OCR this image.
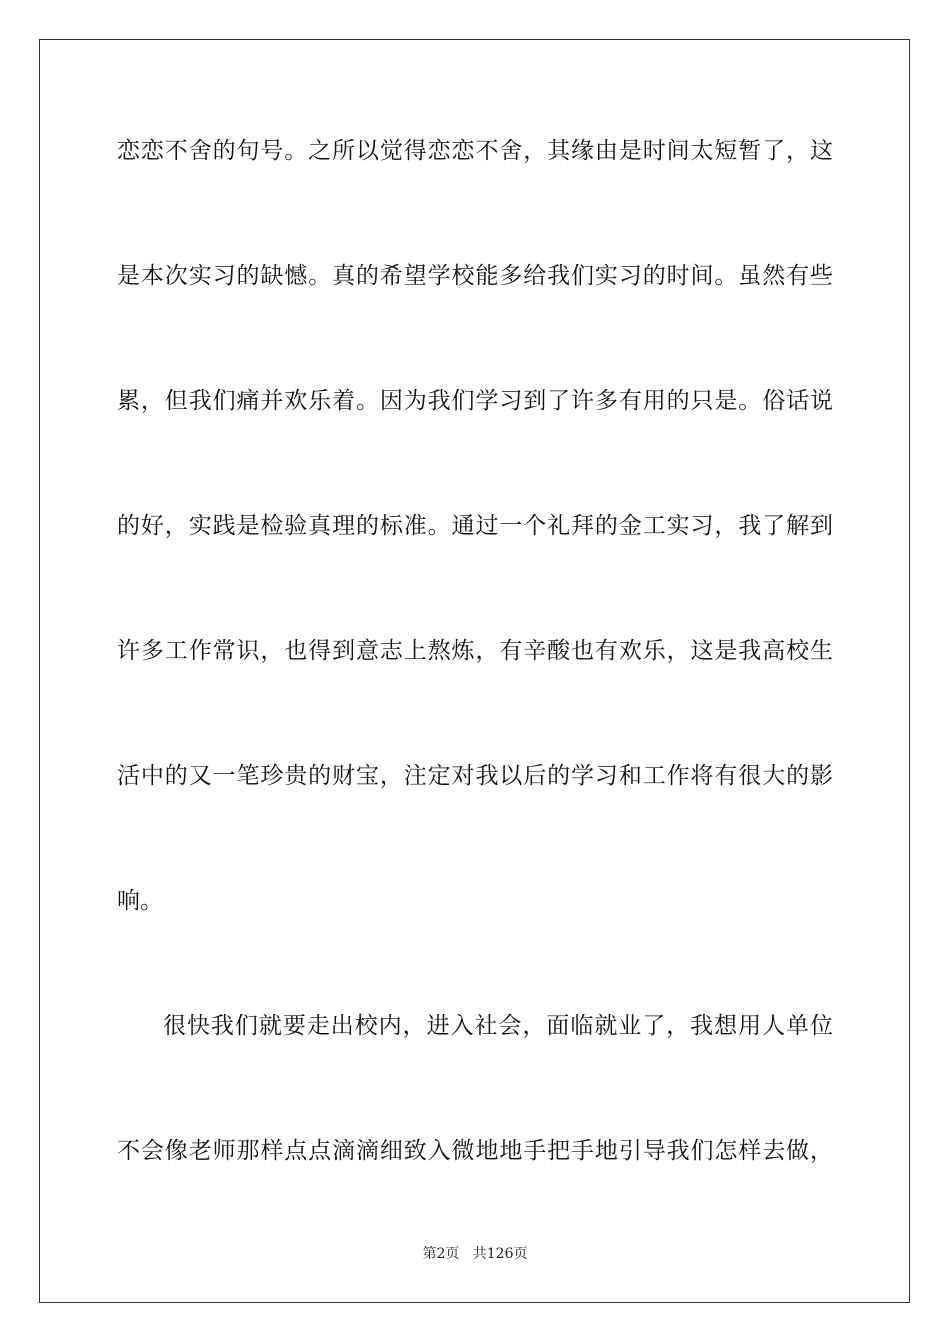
恋恋不舍的句号。之所以觉得恋恋不舍，其缘由是时间太短暂了，这
是本次实习的缺憾。真的希望学校能多给我们实习的时间。虽然有些
累，但我们痛并欢乐着。因为我们学习到了许多有用的只是。俗话说
的好，实践是检验真理的标准。通过一个礼拜的金工实习，我了解到
许多工作常识，也得到意志上熬炼，有辛酸也有欢乐，这是我高校生
活中的又一笔珍贵的财宝，注定对我以后的学习和工作将有很大的影
响。
很快我们就要走出校内，进入社会，面临就业了，我想用人单位
不会像老师那样点点滴滴细致入微地地手把手地引导我们怎样去做，
第2页 共126页
